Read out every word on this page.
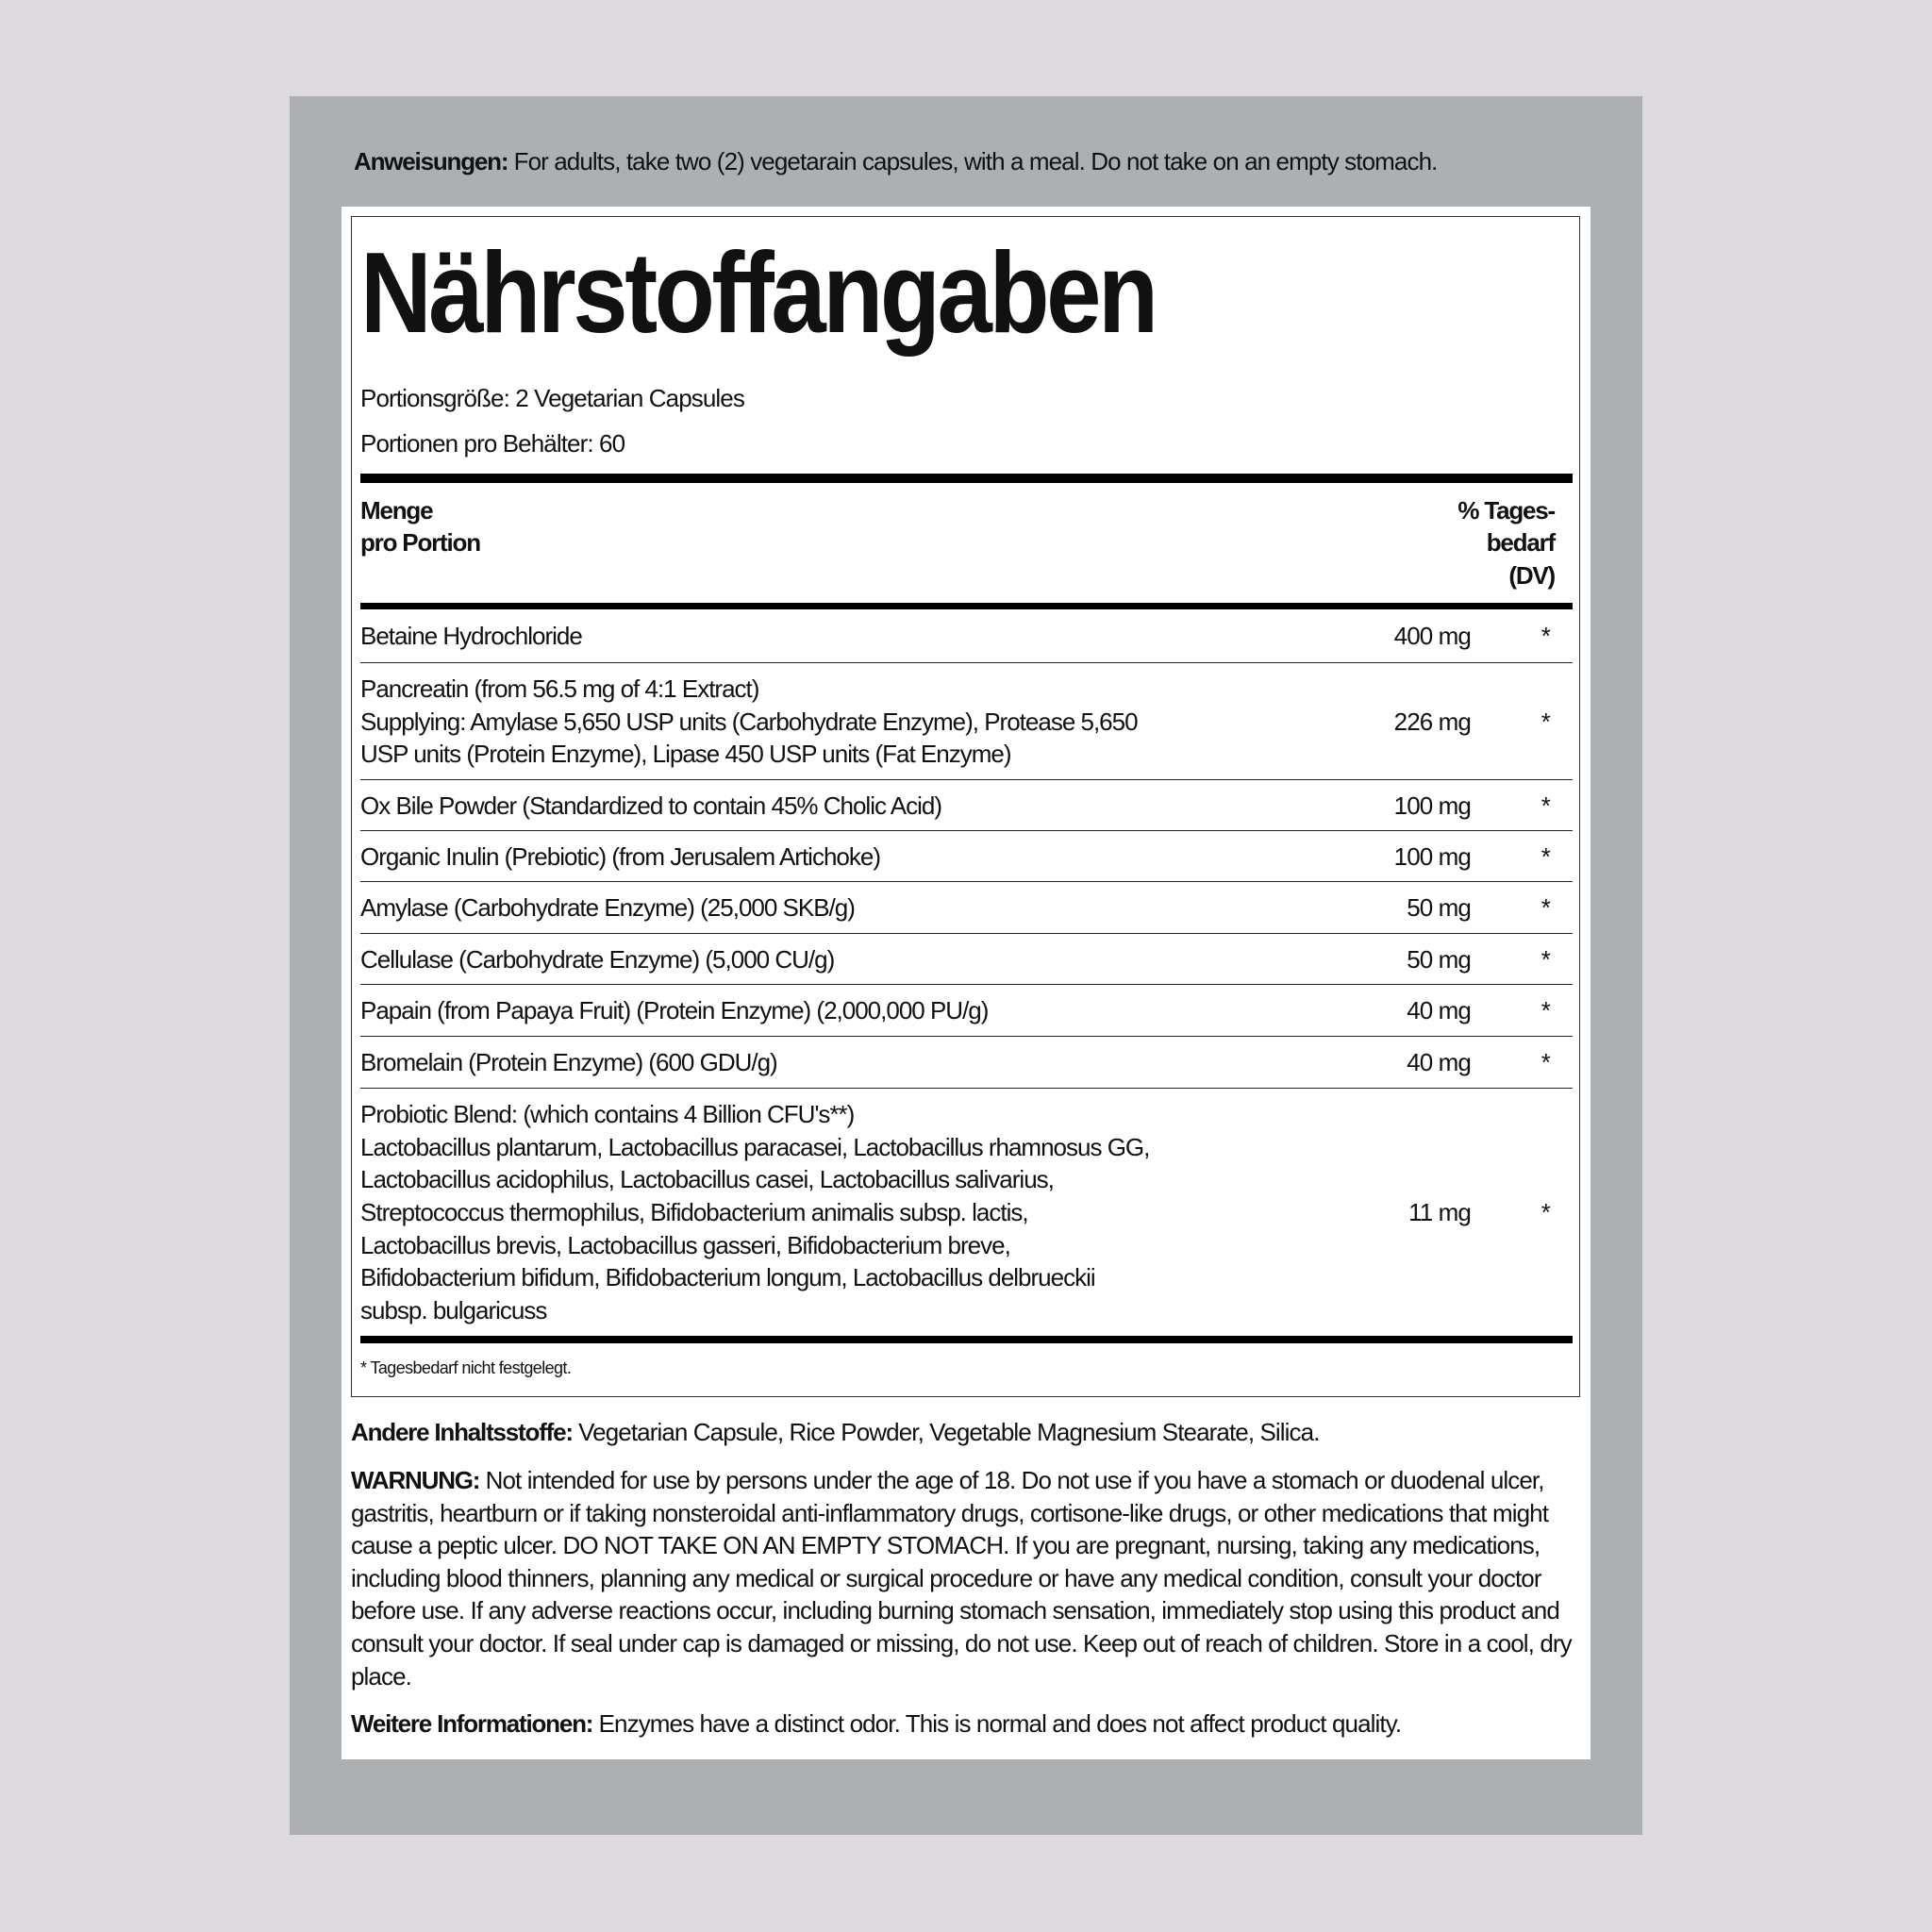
Anweisungen: For adults, take two (2) vegetarain capsules, with a meal. Do not take on an empty stomach.
Nährstoffangaben
Portionsgröße: 2 Vegetarian Capsules
Portionen pro Behälter: 60
Menge
pro Portion
% Tages-
bedarf
(DV)
Betaine Hydrochloride	400 mg	*
Pancreatin (from 56.5 mg of 4:1 Extract)
Supplying: Amylase 5,650 USP units (Carbohydrate Enzyme), Protease 5,650
USP units (Protein Enzyme), Lipase 450 USP units (Fat Enzyme)
226 mg	*
Ox Bile Powder (Standardized to contain 45% Cholic Acid)	100 mg	*
Organic Inulin (Prebiotic) (from Jerusalem Artichoke)	100 mg	*
Amylase (Carbohydrate Enzyme) (25,000 SKB/g)	50 mg	*
Cellulase (Carbohydrate Enzyme) (5,000 CU/g)	50 mg	*
Papain (from Papaya Fruit) (Protein Enzyme) (2,000,000 PU/g)	40 mg	*
Bromelain (Protein Enzyme) (600 GDU/g)	40 mg	*
Probiotic Blend: (which contains 4 Billion CFU's**)
Lactobacillus plantarum, Lactobacillus paracasei, Lactobacillus rhamnosus GG,
Lactobacillus acidophilus, Lactobacillus casei, Lactobacillus salivarius,
Streptococcus thermophilus, Bifidobacterium animalis subsp. lactis,
Lactobacillus brevis, Lactobacillus gasseri, Bifidobacterium breve,
Bifidobacterium bifidum, Bifidobacterium longum, Lactobacillus delbrueckii
subsp. bulgaricuss
11 mg	*
* Tagesbedarf nicht festgelegt.
Andere Inhaltsstoffe: Vegetarian Capsule, Rice Powder, Vegetable Magnesium Stearate, Silica.
WARNUNG: Not intended for use by persons under the age of 18. Do not use if you have a stomach or duodenal ulcer, gastritis, heartburn or if taking nonsteroidal anti-inflammatory drugs, cortisone-like drugs, or other medications that might cause a peptic ulcer. DO NOT TAKE ON AN EMPTY STOMACH. If you are pregnant, nursing, taking any medications, including blood thinners, planning any medical or surgical procedure or have any medical condition, consult your doctor before use. If any adverse reactions occur, including burning stomach sensation, immediately stop using this product and consult your doctor. If seal under cap is damaged or missing, do not use. Keep out of reach of children. Store in a cool, dry place.
Weitere Informationen: Enzymes have a distinct odor. This is normal and does not affect product quality.
